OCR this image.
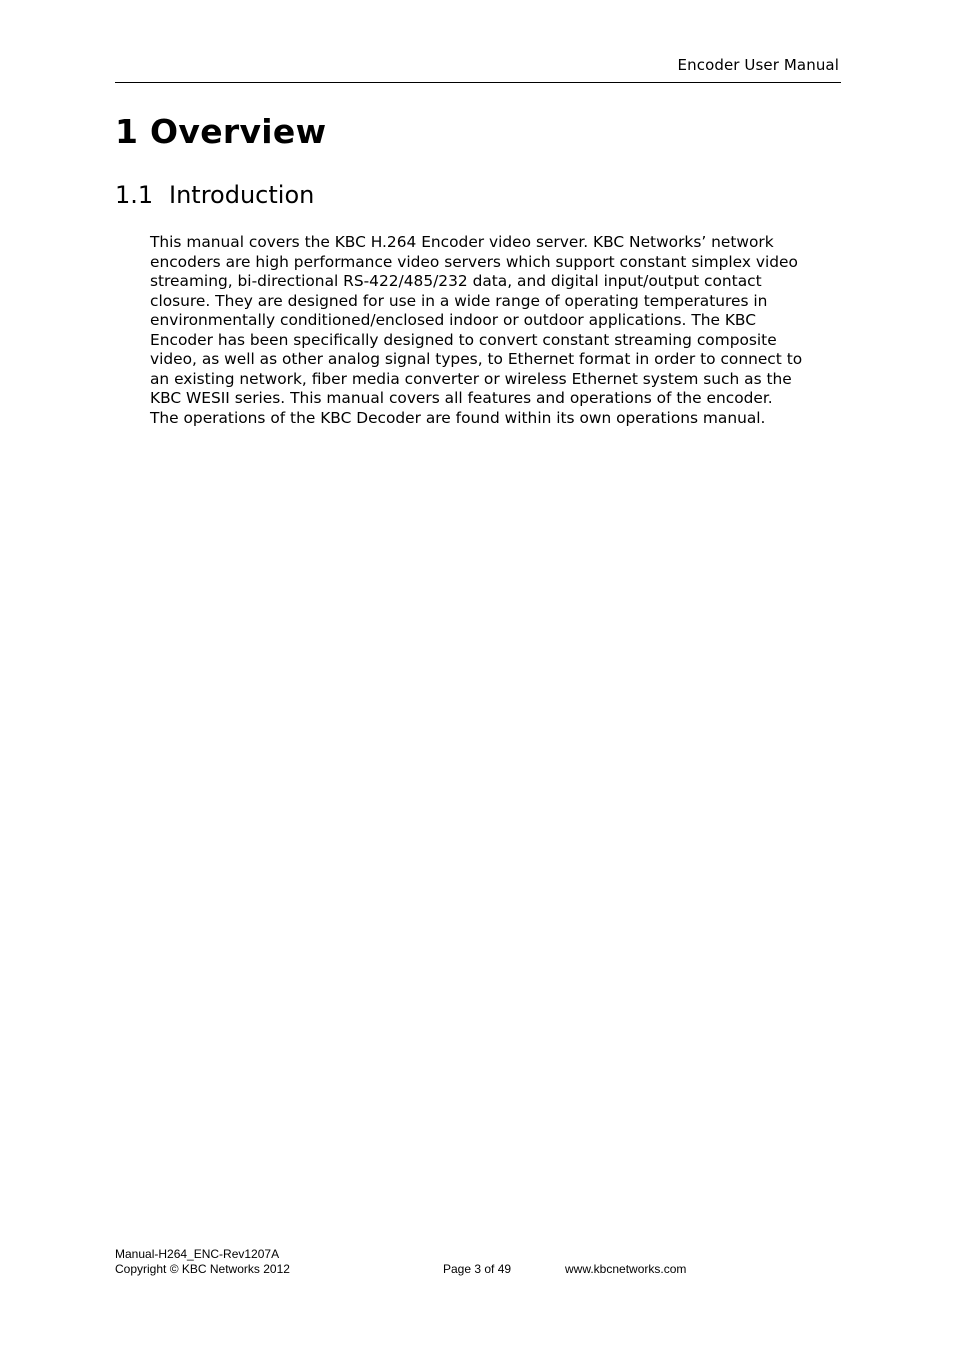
Encoder User Manual
1 Overview
1.1 Introduction
This manual covers the KBC H.264 Encoder video server. KBC Networks’ network
encoders are high performance video servers which support constant simplex video
streaming, bi-directional RS-422/485/232 data, and digital input/output contact
closure. They are designed for use in a wide range of operating temperatures in
environmentally conditioned/enclosed indoor or outdoor applications. The KBC
Encoder has been specifically designed to convert constant streaming composite
video, as well as other analog signal types, to Ethernet format in order to connect to
an existing network, fiber media converter or wireless Ethernet system such as the
KBC WESII series. This manual covers all features and operations of the encoder.
The operations of the KBC Decoder are found within its own operations manual.
Manual-H264_ENC-Rev1207A
Copyright © KBC Networks 2012	Page 3 of 49	www.kbcnetworks.com
